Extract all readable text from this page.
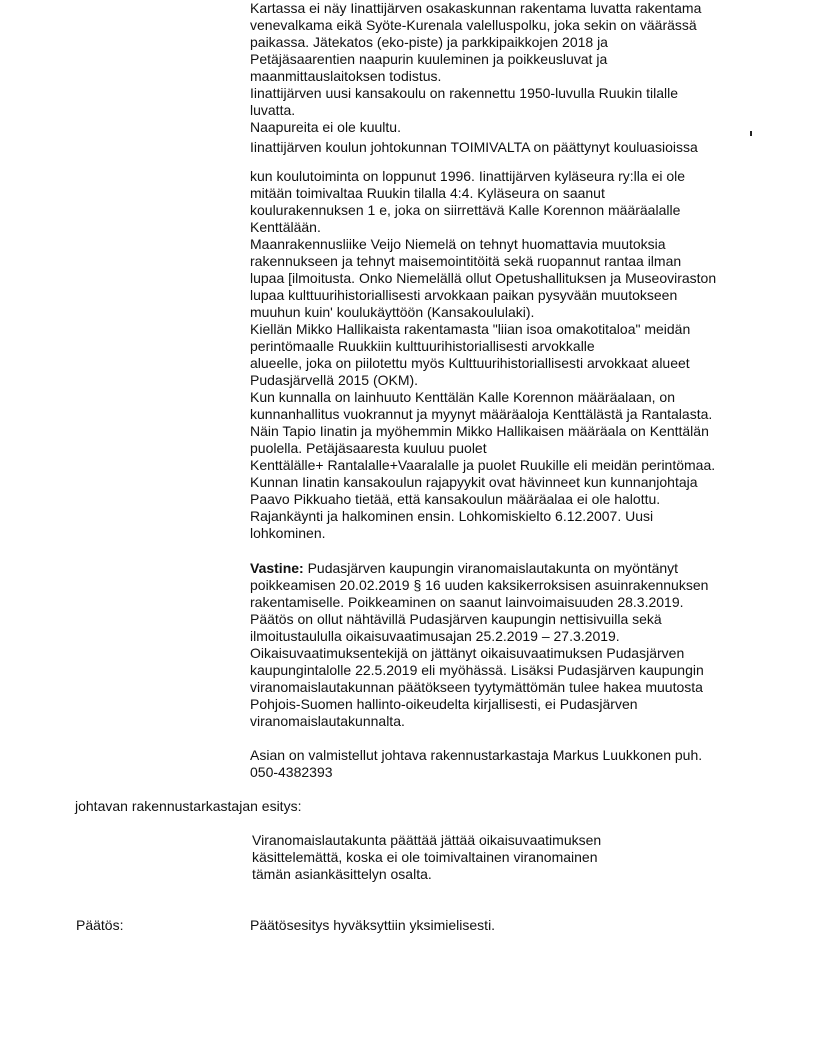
Kartassa ei näy Iinattijärven osakaskunnan rakentama luvatta rakentama
venevalkama eikä Syöte-Kurenala valelluspolku, joka sekin on väärässä
paikassa. Jätekatos (eko-piste) ja parkkipaikkojen 2018 ja
Petäjäsaarentien naapurin kuuleminen ja poikkeusluvat ja
maanmittauslaitoksen todistus.
Iinattijärven uusi kansakoulu on rakennettu 1950-luvulla Ruukin tilalle
luvatta.
Naapureita ei ole kuultu.
Iinattijärven koulun johtokunnan TOIMIVALTA on päättynyt kouluasioissa
kun koulutoiminta on loppunut 1996. Iinattijärven kyläseura ry:lla ei ole
mitään toimivaltaa Ruukin tilalla 4:4. Kyläseura on saanut
koulurakennuksen 1 e, joka on siirrettävä Kalle Korennon määräalalle
Kenttälään.
Maanrakennusliike Veijo Niemelä on tehnyt huomattavia muutoksia
rakennukseen ja tehnyt maisemointitöitä sekä ruopannut rantaa ilman
lupaa [ilmoitusta. Onko Niemelällä ollut Opetushallituksen ja Museoviraston
lupaa kulttuurihistoriallisesti arvokkaan paikan pysyvään muutokseen
muuhun kuin' koulukäyttöön (Kansakoululaki).
Kiellän Mikko Hallikaista rakentamasta "liian isoa omakotitaloa" meidän
perintömaalle Ruukkiin kulttuurihistoriallisesti arvokkalle
alueelle, joka on piilotettu myös Kulttuurihistoriallisesti arvokkaat alueet
Pudasjärvellä 2015 (OKM).
Kun kunnalla on lainhuuto Kenttälän Kalle Korennon määräalaan, on
kunnanhallitus vuokrannut ja myynyt määräaloja Kenttälästä ja Rantalasta.
Näin Tapio Iinatin ja myöhemmin Mikko Hallikaisen määräala on Kenttälän
puolella. Petäjäsaaresta kuuluu puolet
Kenttälälle+ Rantalalle+Vaaralalle ja puolet Ruukille eli meidän perintömaa.
Kunnan Iinatin kansakoulun rajapyykit ovat hävinneet kun kunnanjohtaja
Paavo Pikkuaho tietää, että kansakoulun määräalaa ei ole halottu.
Rajankäynti ja halkominen ensin. Lohkomiskielto 6.12.2007. Uusi
lohkominen.
Vastine: Pudasjärven kaupungin viranomaislautakunta on myöntänyt
poikkeamisen 20.02.2019 § 16 uuden kaksikerroksisen asuinrakennuksen
rakentamiselle. Poikkeaminen on saanut lainvoimaisuuden 28.3.2019.
Päätös on ollut nähtävillä Pudasjärven kaupungin nettisivuilla sekä
ilmoitustaululla oikaisuvaatimusajan 25.2.2019 – 27.3.2019.
Oikaisuvaatimuksentekijä on jättänyt oikaisuvaatimuksen Pudasjärven
kaupungintalolle 22.5.2019 eli myöhässä. Lisäksi Pudasjärven kaupungin
viranomaislautakunnan päätökseen tyytymättömän tulee hakea muutosta
Pohjois-Suomen hallinto-oikeudelta kirjallisesti, ei Pudasjärven
viranomaislautakunnalta.
Asian on valmistellut johtava rakennustarkastaja Markus Luukkonen puh.
050-4382393
johtavan rakennustarkastajan esitys:
Viranomaislautakunta päättää jättää oikaisuvaatimuksen
käsittelemättä, koska ei ole toimivaltainen viranomainen
tämän asiankäsittelyn osalta.
Päätös:	Päätösesitys hyväksyttiin yksimielisesti.
